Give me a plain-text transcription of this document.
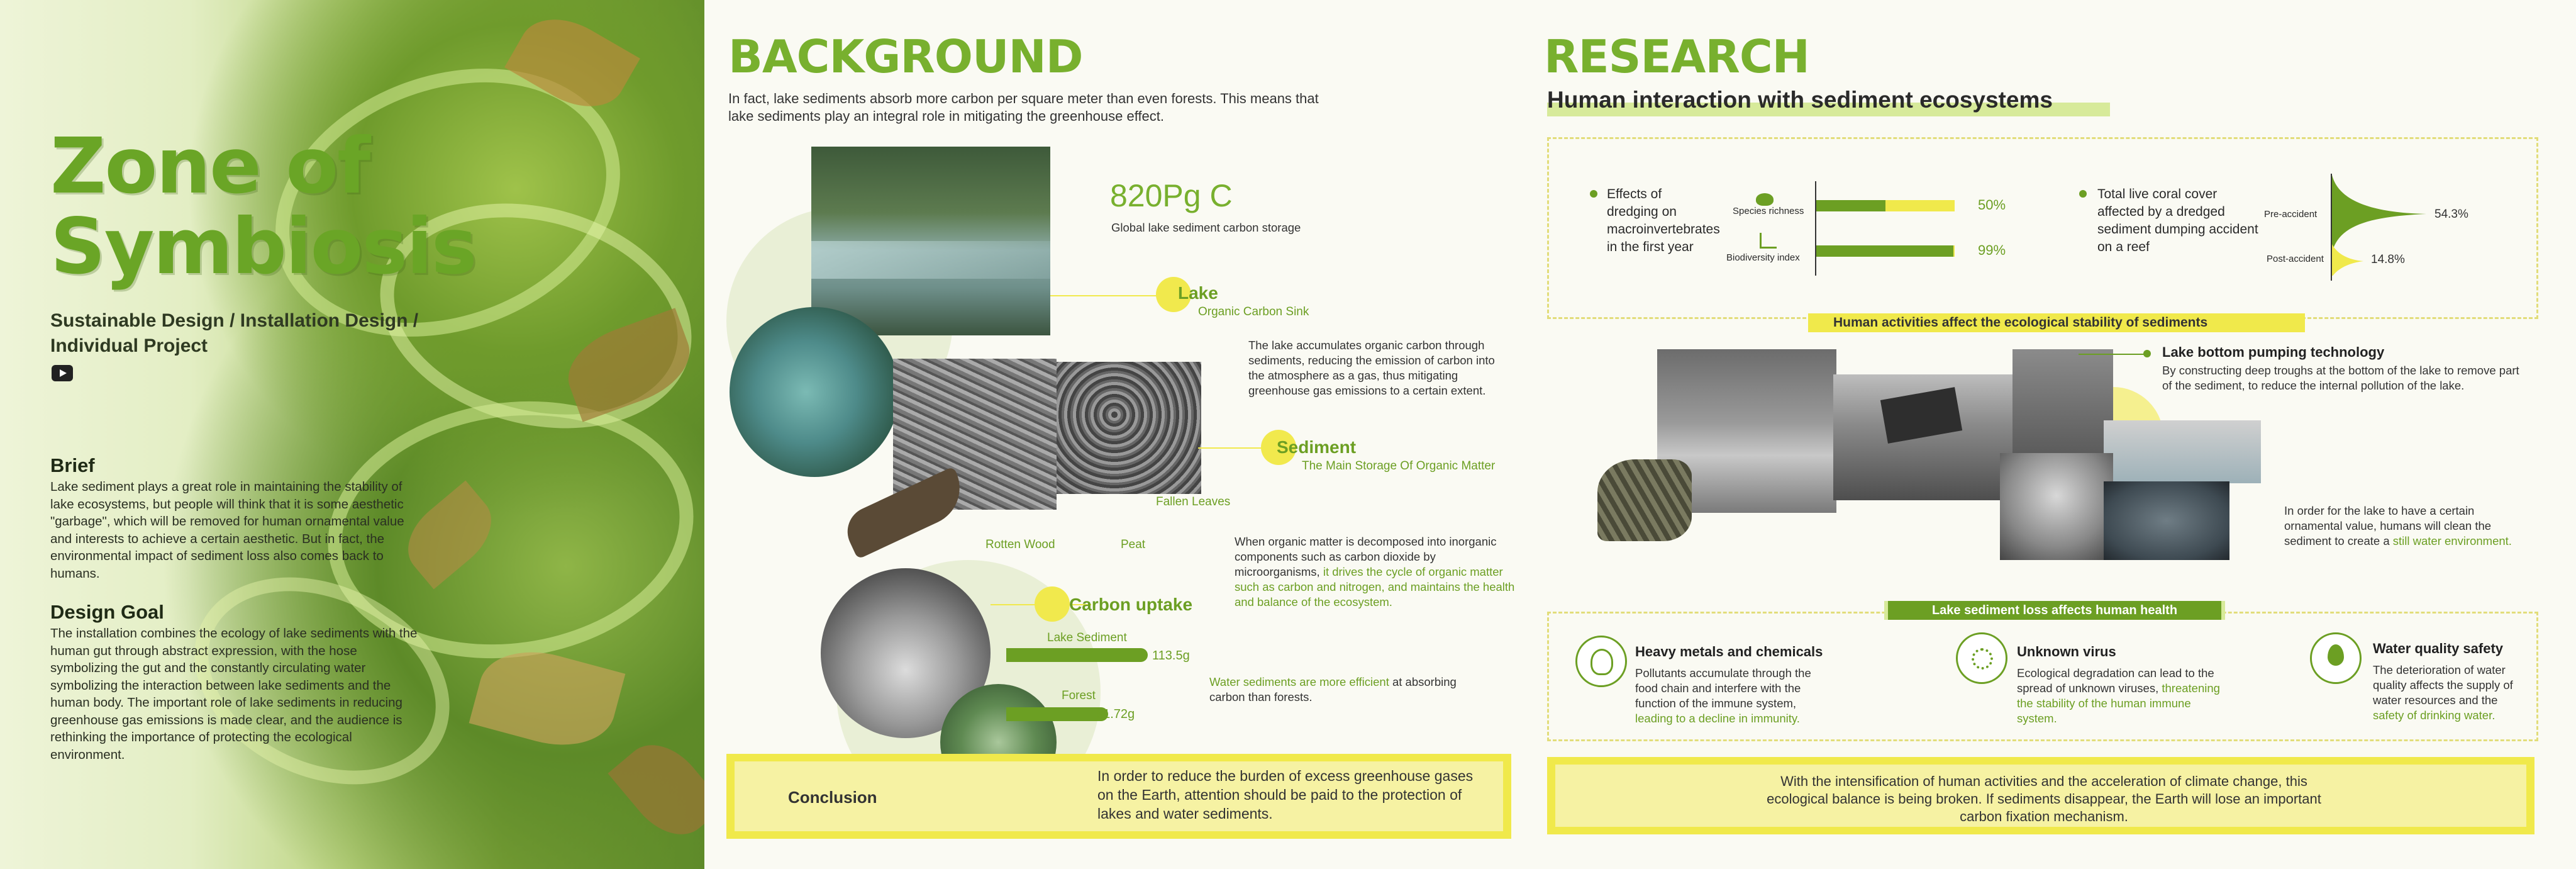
Zone of
Symbiosis
Sustainable Design / Installation Design / Individual Project
Brief
Lake sediment plays a great role in maintaining the stability of lake ecosystems, but people will think that it is some aesthetic "garbage", which will be removed for human ornamental value and interests to achieve a certain aesthetic. But in fact, the environmental impact of sediment loss also comes back to humans.
Design Goal
The installation combines the ecology of lake sediments with the human gut through abstract expression, with the hose symbolizing the gut and the constantly circulating water symbolizing the interaction between lake sediments and the human body. The important role of lake sediments in reducing greenhouse gas emissions is made clear, and the audience is rethinking the importance of protecting the ecological environment.
BACKGROUND
In fact, lake sediments absorb more carbon per square meter than even forests. This means that lake sediments play an integral role in mitigating the greenhouse effect.
820Pg C
Global lake sediment carbon storage
Lake
Organic Carbon Sink
The lake accumulates organic carbon through sediments, reducing the emission of carbon into the atmosphere as a gas, thus mitigating greenhouse gas emissions to a certain extent.
Sediment
The Main Storage Of Organic Matter
Fallen Leaves
Rotten Wood	Peat	When organic matter is decomposed into inorganic components such as carbon dioxide by microorganisms, it drives the cycle of organic matter such as carbon and nitrogen, and maintains the health and balance of the ecosystem.
Carbon uptake
Lake Sediment
113.5g
Forest
81.72g
Water sediments are more efficient at absorbing carbon than forests.
Conclusion
In order to reduce the burden of excess greenhouse gases on the Earth, attention should be paid to the protection of lakes and water sediments.
RESEARCH
Human interaction with sediment ecosystems
Effects of dredging on macroinvertebrates in the first year
Species richness	50%
Biodiversity index	99%
Total live coral cover affected by a dredged sediment dumping accident on a reef
Pre-accident
Post-accident
54.3%
14.8%
Human activities affect the ecological stability of sediments
Lake bottom pumping technology
By constructing deep troughs at the bottom of the lake to remove part of the sediment, to reduce the internal pollution of the lake.
In order for the lake to have a certain ornamental value, humans will clean the sediment to create a still water environment.
Lake sediment loss affects human health
Heavy metals and chemicals
Pollutants accumulate through the food chain and interfere with the function of the immune system, leading to a decline in immunity.
Unknown virus
Ecological degradation can lead to the spread of unknown viruses, threatening the stability of the human immune system.
Water quality safety
The deterioration of water quality affects the supply of water resources and the safety of drinking water.
With the intensification of human activities and the acceleration of climate change, this ecological balance is being broken. If sediments disappear, the Earth will lose an important carbon fixation mechanism.
